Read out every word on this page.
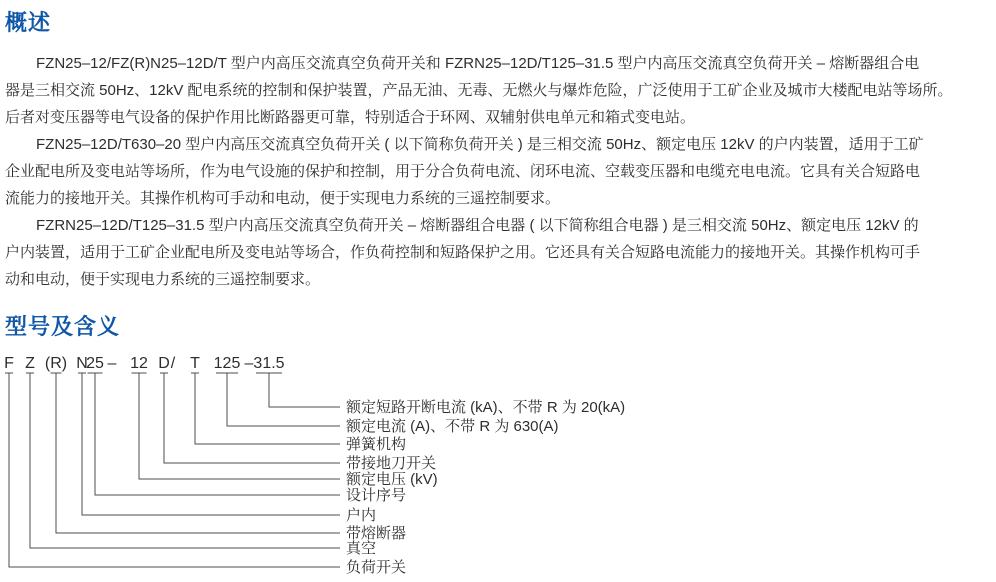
概述
FZN25–12/FZ(R)N25–12D/T 型户内高压交流真空负荷开关和 FZRN25–12D/T125–31.5 型户内高压交流真空负荷开关 – 熔断器组合电
器是三相交流 50Hz、12kV 配电系统的控制和保护装置，产品无油、无毒、无燃火与爆炸危险，广泛使用于工矿企业及城市大楼配电站等场所。
后者对变压器等电气设备的保护作用比断路器更可靠，特别适合于环网、双辅射供电单元和箱式变电站。
FZN25–12D/T630–20 型户内高压交流真空负荷开关 ( 以下简称负荷开关 ) 是三相交流 50Hz、额定电压 12kV 的户内装置，适用于工矿
企业配电所及变电站等场所，作为电气设施的保护和控制，用于分合负荷电流、闭环电流、空载变压器和电缆充电电流。它具有关合短路电
流能力的接地开关。其操作机构可手动和电动，便于实现电力系统的三遥控制要求。
FZRN25–12D/T125–31.5 型户内高压交流真空负荷开关 – 熔断器组合电器 ( 以下简称组合电器 ) 是三相交流 50Hz、额定电压 12kV 的
户内装置，适用于工矿企业配电所及变电站等场合，作负荷控制和短路保护之用。它还具有关合短路电流能力的接地开关。其操作机构可手
动和电动，便于实现电力系统的三遥控制要求。
型号及含义
F
负荷开关
Z
真空
(R)
带熔断器
N
户内
25
设计序号
12
额定电压 (kV)
D
带接地刀开关
T
弹簧机构
125
额定电流 (A)、不带 R 为 630(A)
31.5
额定短路开断电流 (kA)、不带 R 为 20(kA)
–	/	–
